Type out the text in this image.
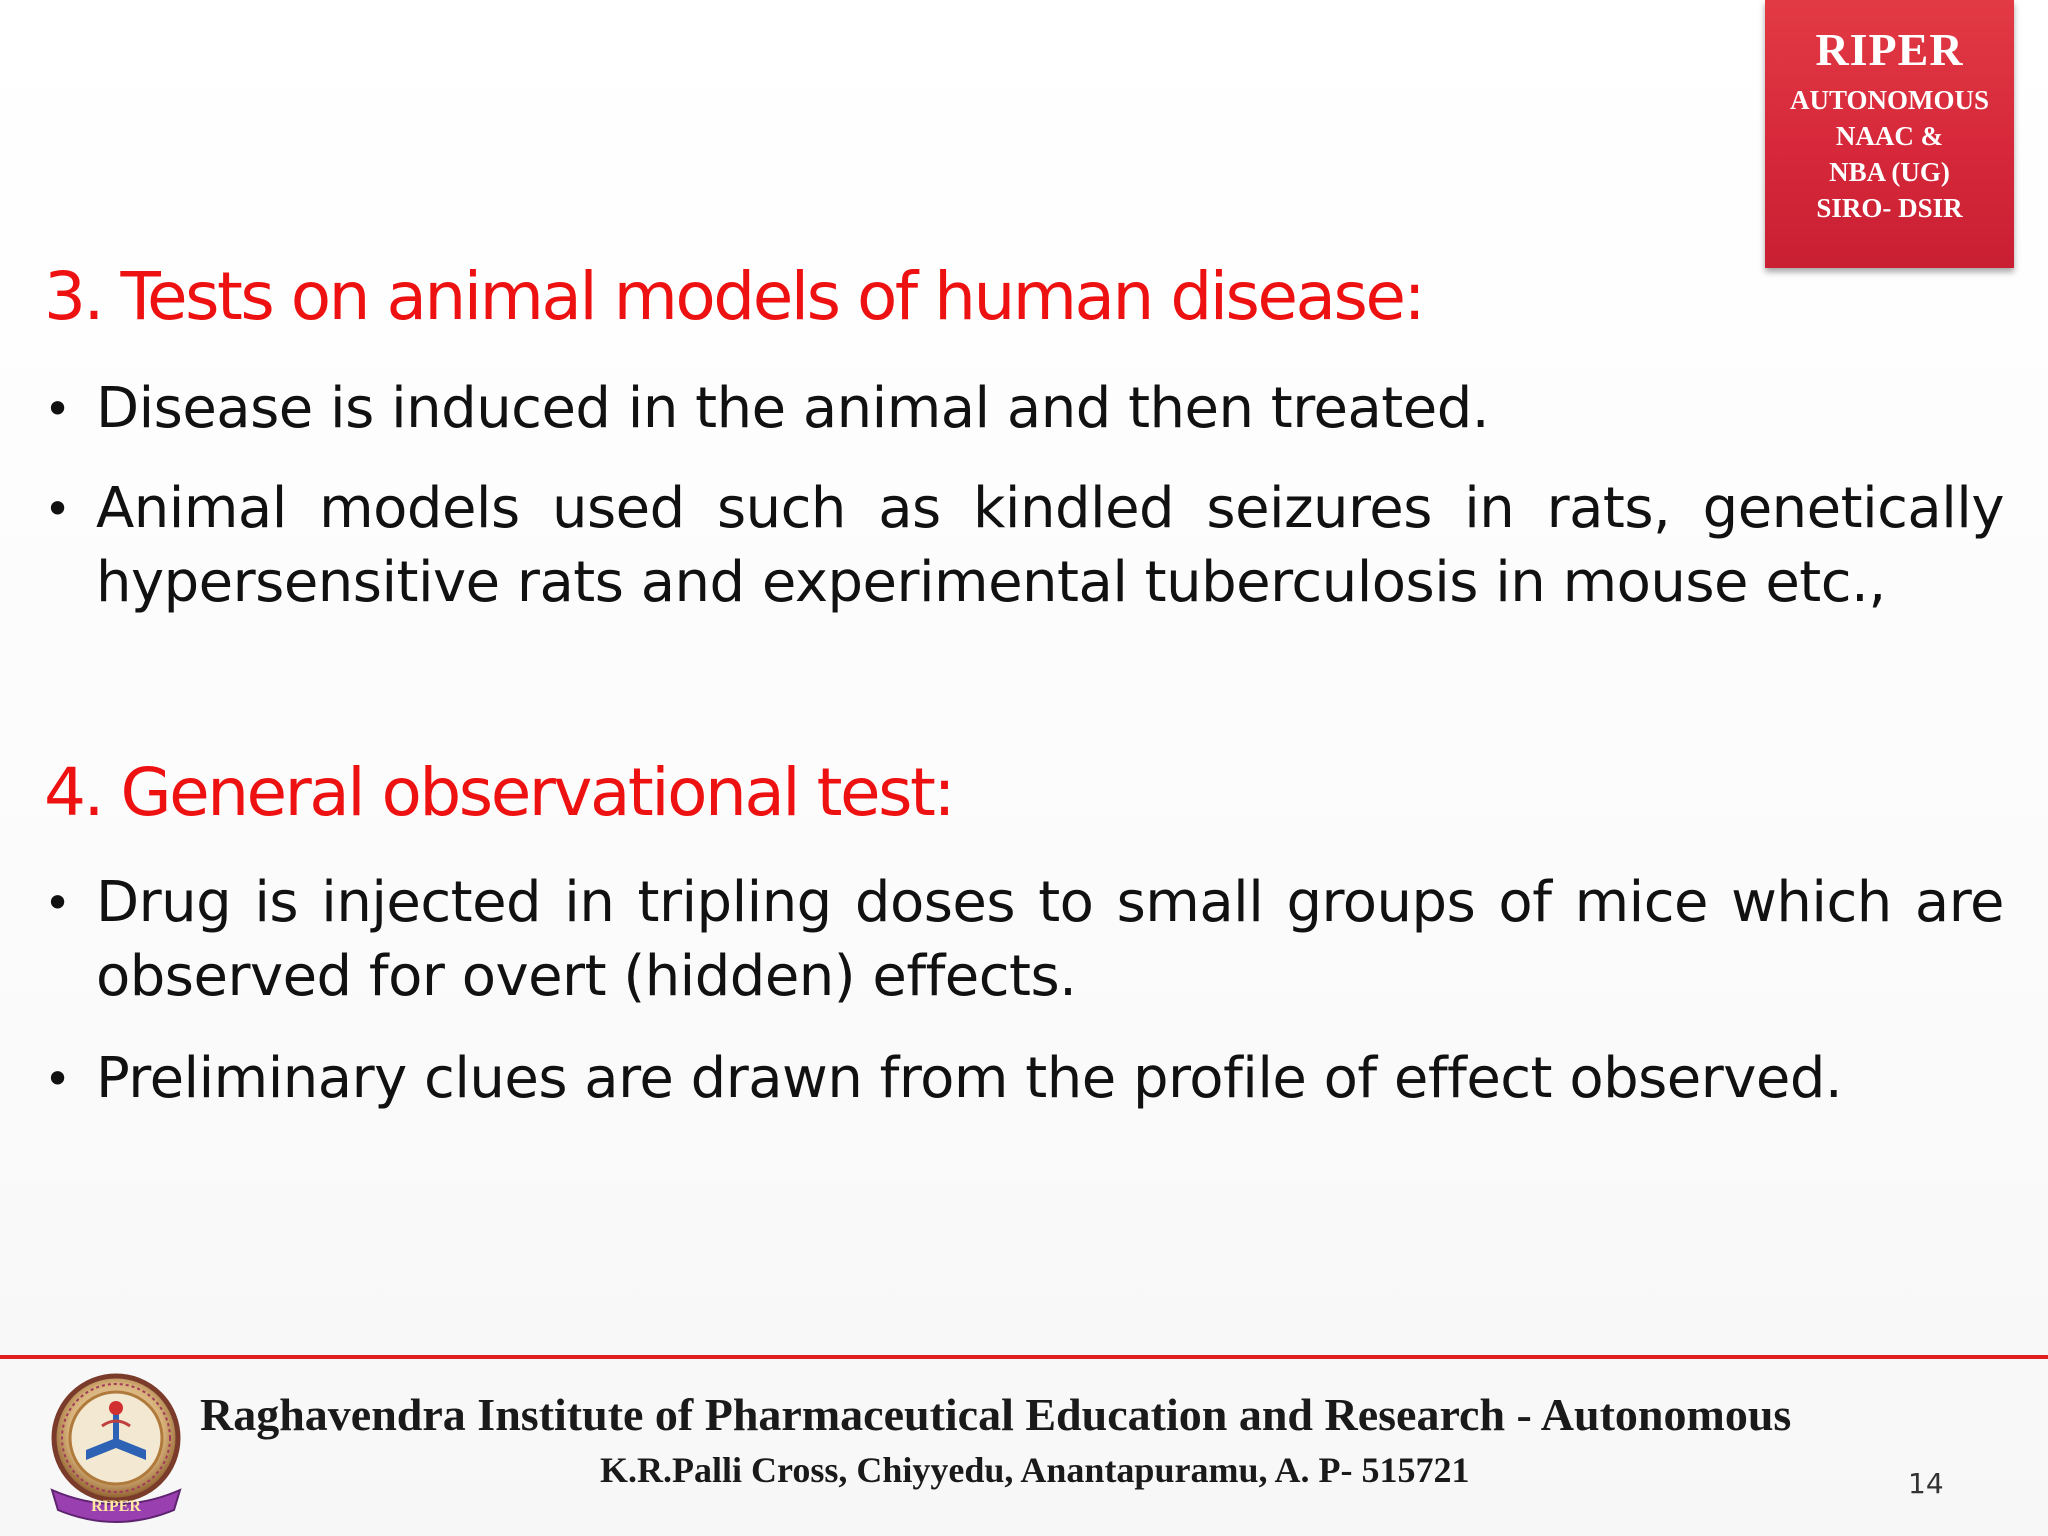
RIPER
AUTONOMOUS
NAAC &
NBA (UG)
SIRO- DSIR
3. Tests on animal models of human disease:
• Disease is induced in the animal and then treated.
• Animal models used such as kindled seizures in rats, genetically hypersensitive rats and experimental tuberculosis in mouse etc.,
4. General observational test:
• Drug is injected in tripling doses to small groups of mice which are observed for overt (hidden) effects.
• Preliminary clues are drawn from the profile of effect observed.
RIPER
Raghavendra Institute of Pharmaceutical Education and Research - Autonomous
K.R.Palli Cross, Chiyyedu, Anantapuramu, A. P- 515721	14
